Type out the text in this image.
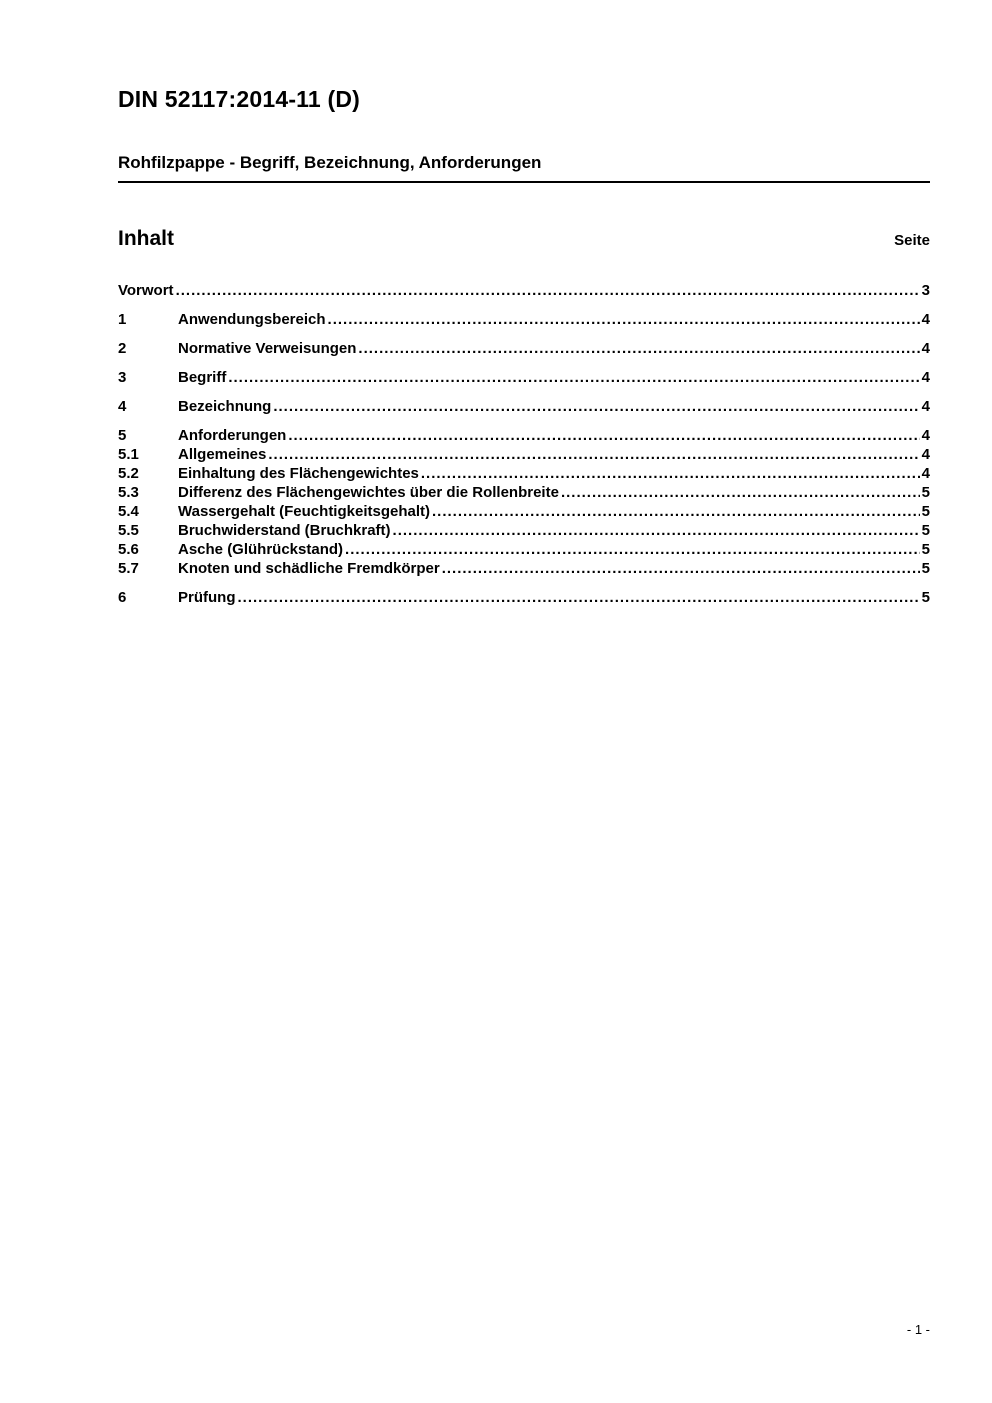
DIN 52117:2014-11 (D)
Rohfilzpappe - Begriff, Bezeichnung, Anforderungen
Inhalt	Seite
Vorwort .....	3
1	Anwendungsbereich .....	4
2	Normative Verweisungen .....	4
3	Begriff .....	4
4	Bezeichnung .....	4
5	Anforderungen .....	4
5.1	Allgemeines .....	4
5.2	Einhaltung des Flächengewichtes .....	4
5.3	Differenz des Flächengewichtes über die Rollenbreite .....	5
5.4	Wassergehalt (Feuchtigkeitsgehalt) .....	5
5.5	Bruchwiderstand (Bruchkraft) .....	5
5.6	Asche (Glührückstand) .....	5
5.7	Knoten und schädliche Fremdkörper .....	5
6	Prüfung .....	5
- 1 -
